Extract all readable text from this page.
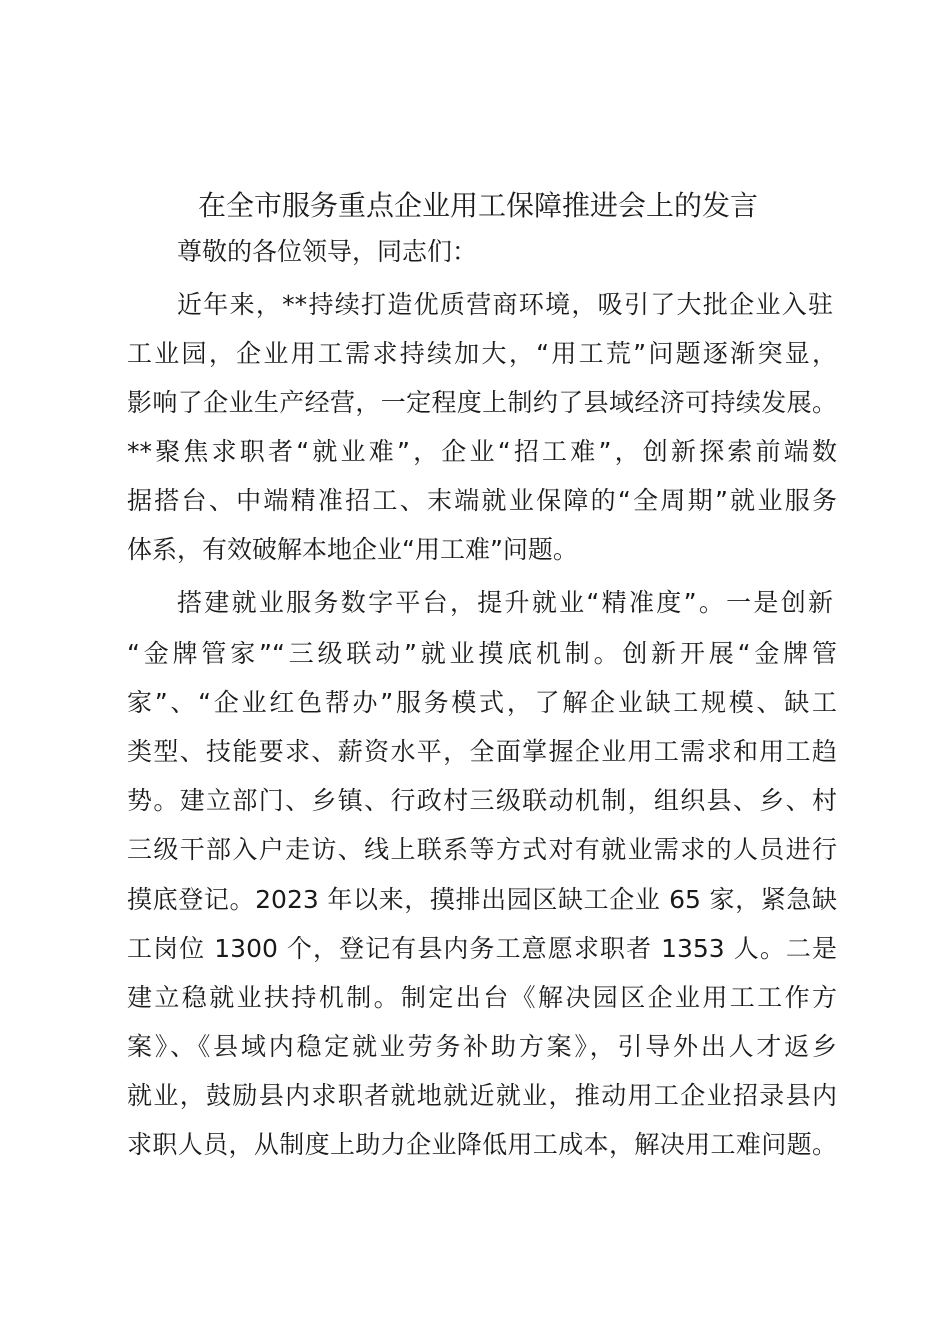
在全市服务重点企业用工保障推进会上的发言

尊敬的各位领导，同志们：

近年来，**持续打造优质营商环境，吸引了大批企业入驻

工业园，企业用工需求持续加大，“用工荒”问题逐渐突显，

影响了企业生产经营，一定程度上制约了县域经济可持续发展。

**聚焦求职者“就业难”，企业“招工难”，创新探索前端数

据搭台、中端精准招工、末端就业保障的“全周期”就业服务

体系，有效破解本地企业“用工难”问题。

搭建就业服务数字平台，提升就业“精准度”。一是创新

“金牌管家”“三级联动”就业摸底机制。创新开展“金牌管

家”、“企业红色帮办”服务模式，了解企业缺工规模、缺工

类型、技能要求、薪资水平，全面掌握企业用工需求和用工趋

势。建立部门、乡镇、行政村三级联动机制，组织县、乡、村

三级干部入户走访、线上联系等方式对有就业需求的人员进行

摸底登记。2023 年以来，摸排出园区缺工企业 65 家，紧急缺

工岗位 1300 个，登记有县内务工意愿求职者 1353 人。二是

建立稳就业扶持机制。制定出台《解决园区企业用工工作方

案》、《县域内稳定就业劳务补助方案》，引导外出人才返乡

就业，鼓励县内求职者就地就近就业，推动用工企业招录县内

求职人员，从制度上助力企业降低用工成本，解决用工难问题。
